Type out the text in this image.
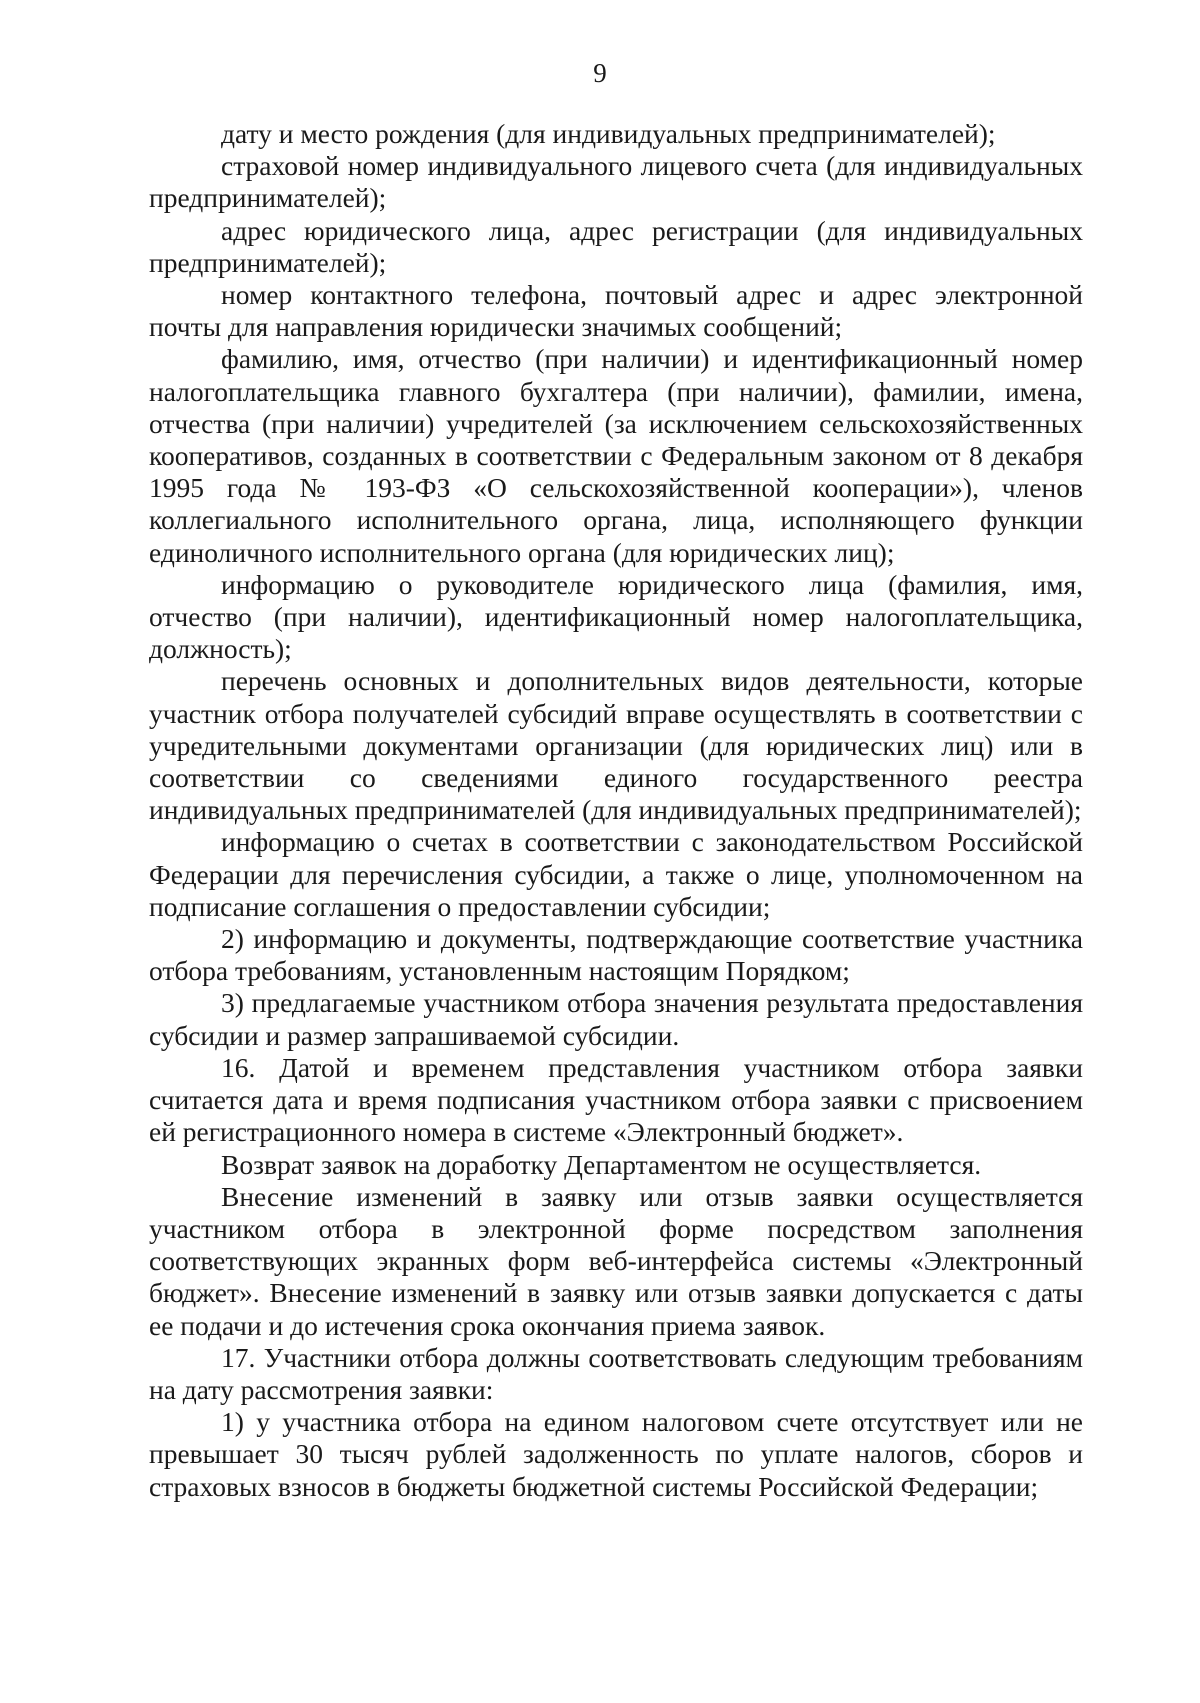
9

дату и место рождения (для индивидуальных предпринимателей);

страховой номер индивидуального лицевого счета (для индивидуальных предпринимателей);

адрес юридического лица, адрес регистрации (для индивидуальных предпринимателей);

номер контактного телефона, почтовый адрес и адрес электронной почты для направления юридически значимых сообщений;

фамилию, имя, отчество (при наличии) и идентификационный номер налогоплательщика главного бухгалтера (при наличии), фамилии, имена, отчества (при наличии) учредителей (за исключением сельскохозяйственных кооперативов, созданных в соответствии с Федеральным законом от 8 декабря 1995 года № 193-ФЗ «О сельскохозяйственной кооперации»), членов коллегиального исполнительного органа, лица, исполняющего функции единоличного исполнительного органа (для юридических лиц);

информацию о руководителе юридического лица (фамилия, имя, отчество (при наличии), идентификационный номер налогоплательщика, должность);

перечень основных и дополнительных видов деятельности, которые участник отбора получателей субсидий вправе осуществлять в соответствии с учредительными документами организации (для юридических лиц) или в соответствии со сведениями единого государственного реестра индивидуальных предпринимателей (для индивидуальных предпринимателей);

информацию о счетах в соответствии с законодательством Российской Федерации для перечисления субсидии, а также о лице, уполномоченном на подписание соглашения о предоставлении субсидии;

2) информацию и документы, подтверждающие соответствие участника отбора требованиям, установленным настоящим Порядком;

3) предлагаемые участником отбора значения результата предоставления субсидии и размер запрашиваемой субсидии.

16. Датой и временем представления участником отбора заявки считается дата и время подписания участником отбора заявки с присвоением ей регистрационного номера в системе «Электронный бюджет».

Возврат заявок на доработку Департаментом не осуществляется.

Внесение изменений в заявку или отзыв заявки осуществляется участником отбора в электронной форме посредством заполнения соответствующих экранных форм веб-интерфейса системы «Электронный бюджет». Внесение изменений в заявку или отзыв заявки допускается с даты ее подачи и до истечения срока окончания приема заявок.

17. Участники отбора должны соответствовать следующим требованиям на дату рассмотрения заявки:

1) у участника отбора на едином налоговом счете отсутствует или не превышает 30 тысяч рублей задолженность по уплате налогов, сборов и страховых взносов в бюджеты бюджетной системы Российской Федерации;
